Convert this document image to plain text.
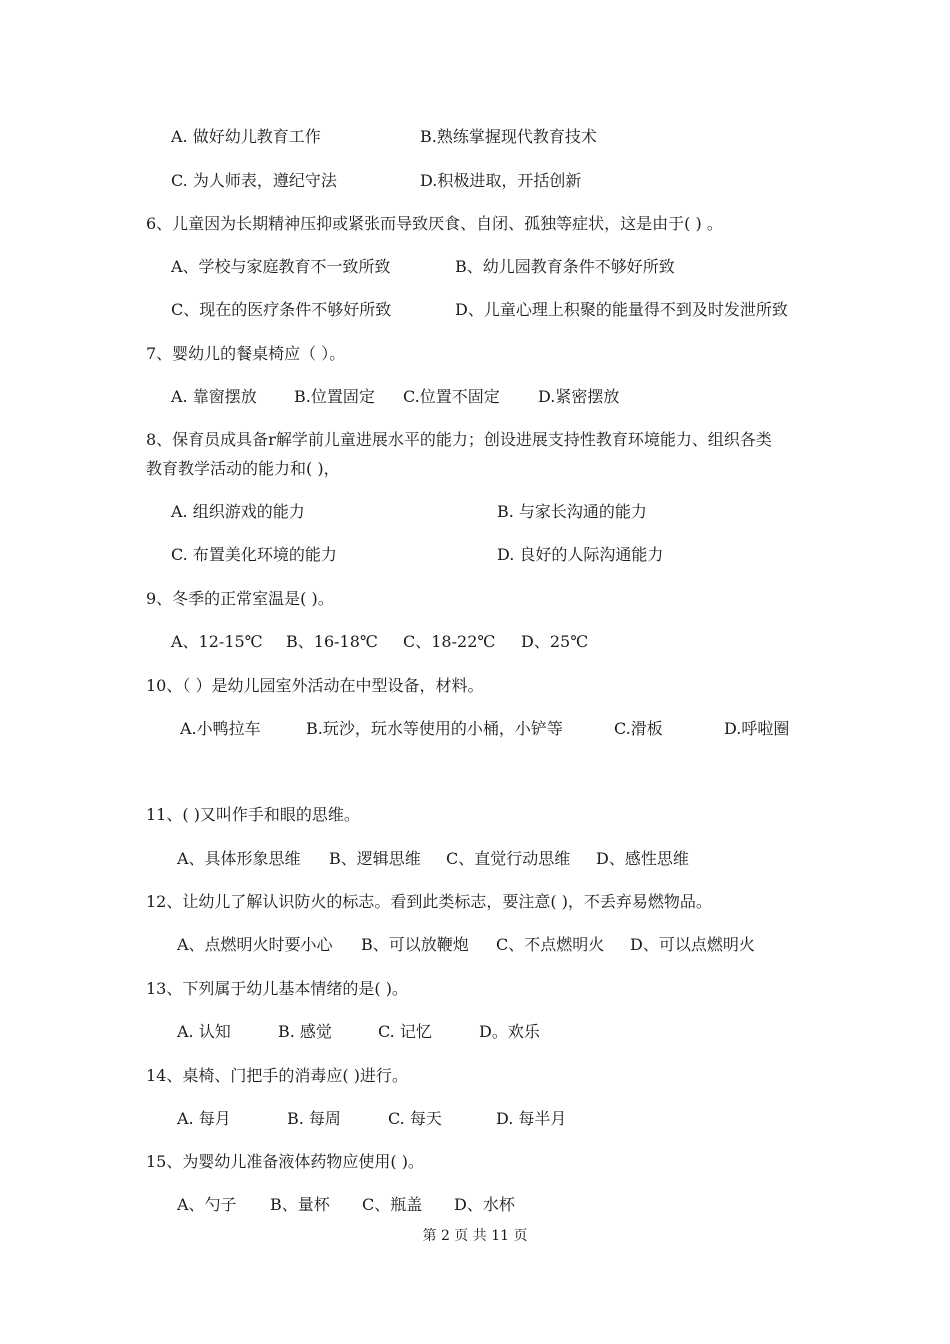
A. 做好幼儿教育工作	B.熟练掌握现代教育技术
C. 为人师表，遵纪守法	D.积极进取，开括创新
6、儿童因为长期精神压抑或紧张而导致厌食、自闭、孤独等症状，这是由于( ) 。
A、学校与家庭教育不一致所致	B、幼儿园教育条件不够好所致
C、现在的医疗条件不够好所致	D、儿童心理上积聚的能量得不到及时发泄所致
7、婴幼儿的餐桌椅应（ ）。
A. 靠窗摆放 B.位置固定 C.位置不固定 D.紧密摆放
8、保育员成具备r解学前儿童进展水平的能力；创设进展支持性教育环境能力、组织各类
教育教学活动的能力和( )，
A. 组织游戏的能力	B. 与家长沟通的能力
C. 布置美化环境的能力	D. 良好的人际沟通能力
9、冬季的正常室温是( )。
A、12-15℃ B、16-18℃ C、18-22℃ D、25℃
10、（ ）是幼儿园室外活动在中型设备，材料。
A.小鸭拉车	B.玩沙，玩水等使用的小桶，小铲等	C.滑板	D.呼啦圈
11、( )又叫作手和眼的思维。
A、具体形象思维 B、逻辑思维 C、直觉行动思维 D、感性思维
12、让幼儿了解认识防火的标志。看到此类标志，要注意( )，不丢弃易燃物品。
A、点燃明火时要小心 B、可以放鞭炮 C、不点燃明火 D、可以点燃明火
13、下列属于幼儿基本情绪的是( )。
A. 认知	B. 感觉	C. 记忆	D。欢乐
14、桌椅、门把手的消毒应( )进行。
A. 每月	B. 每周	C. 每天	D. 每半月
15、为婴幼儿准备液体药物应使用( )。
A、勺子 B、量杯 C、瓶盖 D、水杯
第 2 页 共 11 页
